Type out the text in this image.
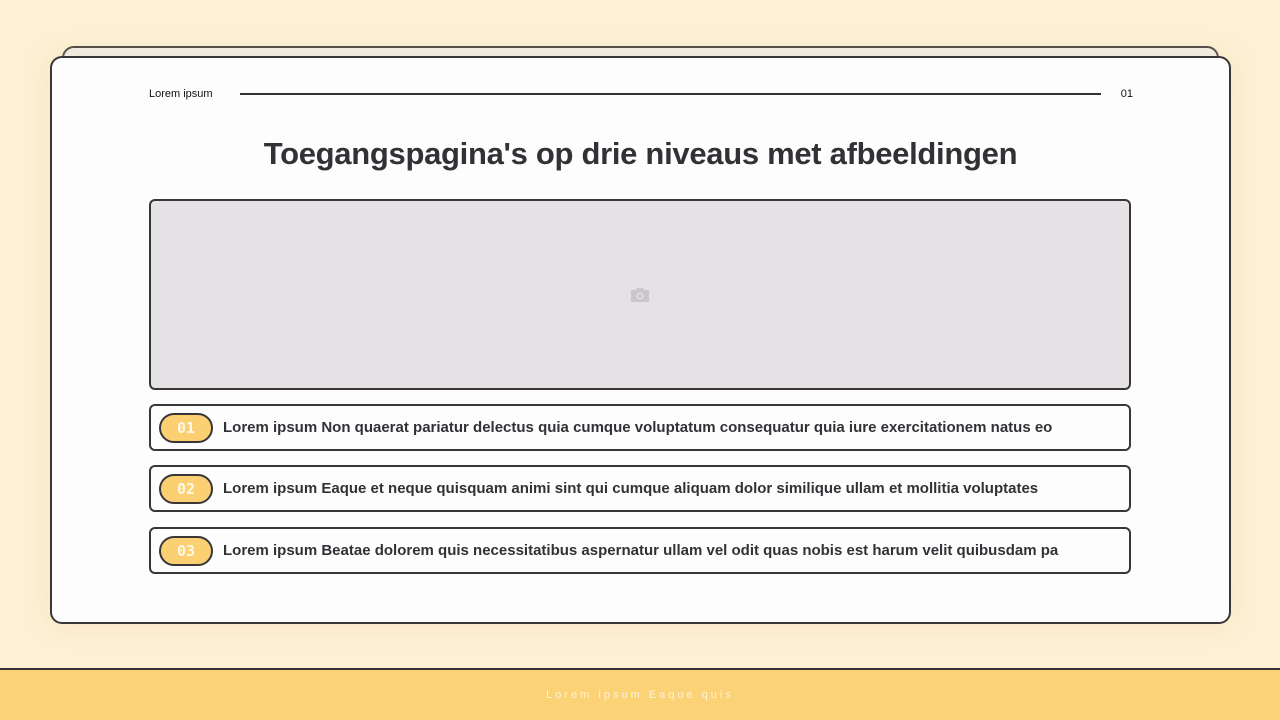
Lorem ipsum	01
Toegangspagina's op drie niveaus met afbeeldingen
01	Lorem ipsum Non quaerat pariatur delectus quia cumque voluptatum consequatur quia iure exercitationem natus eo
02	Lorem ipsum Eaque et neque quisquam animi sint qui cumque aliquam dolor similique ullam et mollitia voluptates
03	Lorem ipsum Beatae dolorem quis necessitatibus aspernatur ullam vel odit quas nobis est harum velit quibusdam pa
Lorem ipsum Eaque quis
